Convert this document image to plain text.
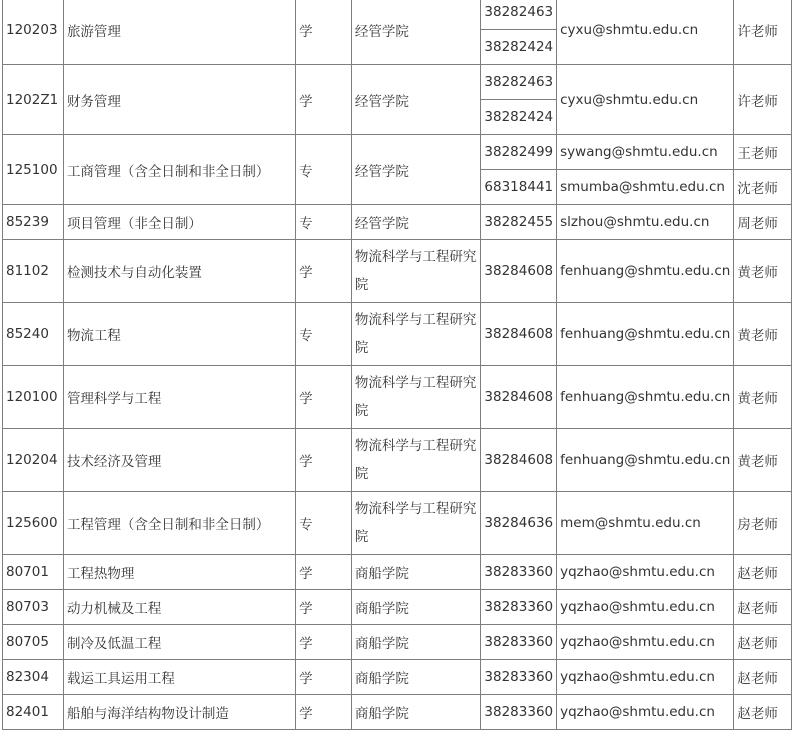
120203	旅游管理	学	经管学院	38282463	cyxu@shmtu.edu.cn	许老师
				38282424		
1202Z1	财务管理	学	经管学院	38282463	cyxu@shmtu.edu.cn	许老师
				38282424		
125100	工商管理（含全日制和非全日制）	专	经管学院	38282499	sywang@shmtu.edu.cn	王老师
				68318441	smumba@shmtu.edu.cn	沈老师
85239	项目管理（非全日制）	专	经管学院	38282455	slzhou@shmtu.edu.cn	周老师
81102	检测技术与自动化装置	学	物流科学与工程研究院	38284608	fenhuang@shmtu.edu.cn	黄老师
85240	物流工程	专	物流科学与工程研究院	38284608	fenhuang@shmtu.edu.cn	黄老师
120100	管理科学与工程	学	物流科学与工程研究院	38284608	fenhuang@shmtu.edu.cn	黄老师
120204	技术经济及管理	学	物流科学与工程研究院	38284608	fenhuang@shmtu.edu.cn	黄老师
125600	工程管理（含全日制和非全日制）	专	物流科学与工程研究院	38284636	mem@shmtu.edu.cn	房老师
80701	工程热物理	学	商船学院	38283360	yqzhao@shmtu.edu.cn	赵老师
80703	动力机械及工程	学	商船学院	38283360	yqzhao@shmtu.edu.cn	赵老师
80705	制冷及低温工程	学	商船学院	38283360	yqzhao@shmtu.edu.cn	赵老师
82304	载运工具运用工程	学	商船学院	38283360	yqzhao@shmtu.edu.cn	赵老师
82401	船舶与海洋结构物设计制造	学	商船学院	38283360	yqzhao@shmtu.edu.cn	赵老师
